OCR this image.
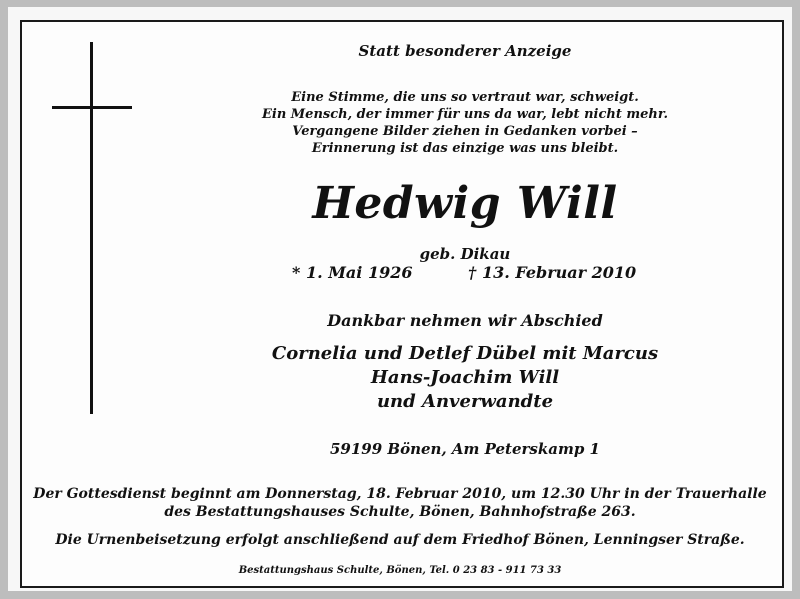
Statt besonderer Anzeige
Eine Stimme, die uns so vertraut war, schweigt.
Ein Mensch, der immer für uns da war, lebt nicht mehr.
Vergangene Bilder ziehen in Gedanken vorbei –
Erinnerung ist das einzige was uns bleibt.
Hedwig Will
geb. Dikau
* 1. Mai 1926	† 13. Februar 2010
Dankbar nehmen wir Abschied
Cornelia und Detlef Dübel mit Marcus
Hans-Joachim Will
und Anverwandte
59199 Bönen, Am Peterskamp 1
Der Gottesdienst beginnt am Donnerstag, 18. Februar 2010, um 12.30 Uhr in der Trauerhalle
des Bestattungshauses Schulte, Bönen, Bahnhofstraße 263.
Die Urnenbeisetzung erfolgt anschließend auf dem Friedhof Bönen, Lenningser Straße.
Bestattungshaus Schulte, Bönen, Tel. 0 23 83 - 911 73 33
